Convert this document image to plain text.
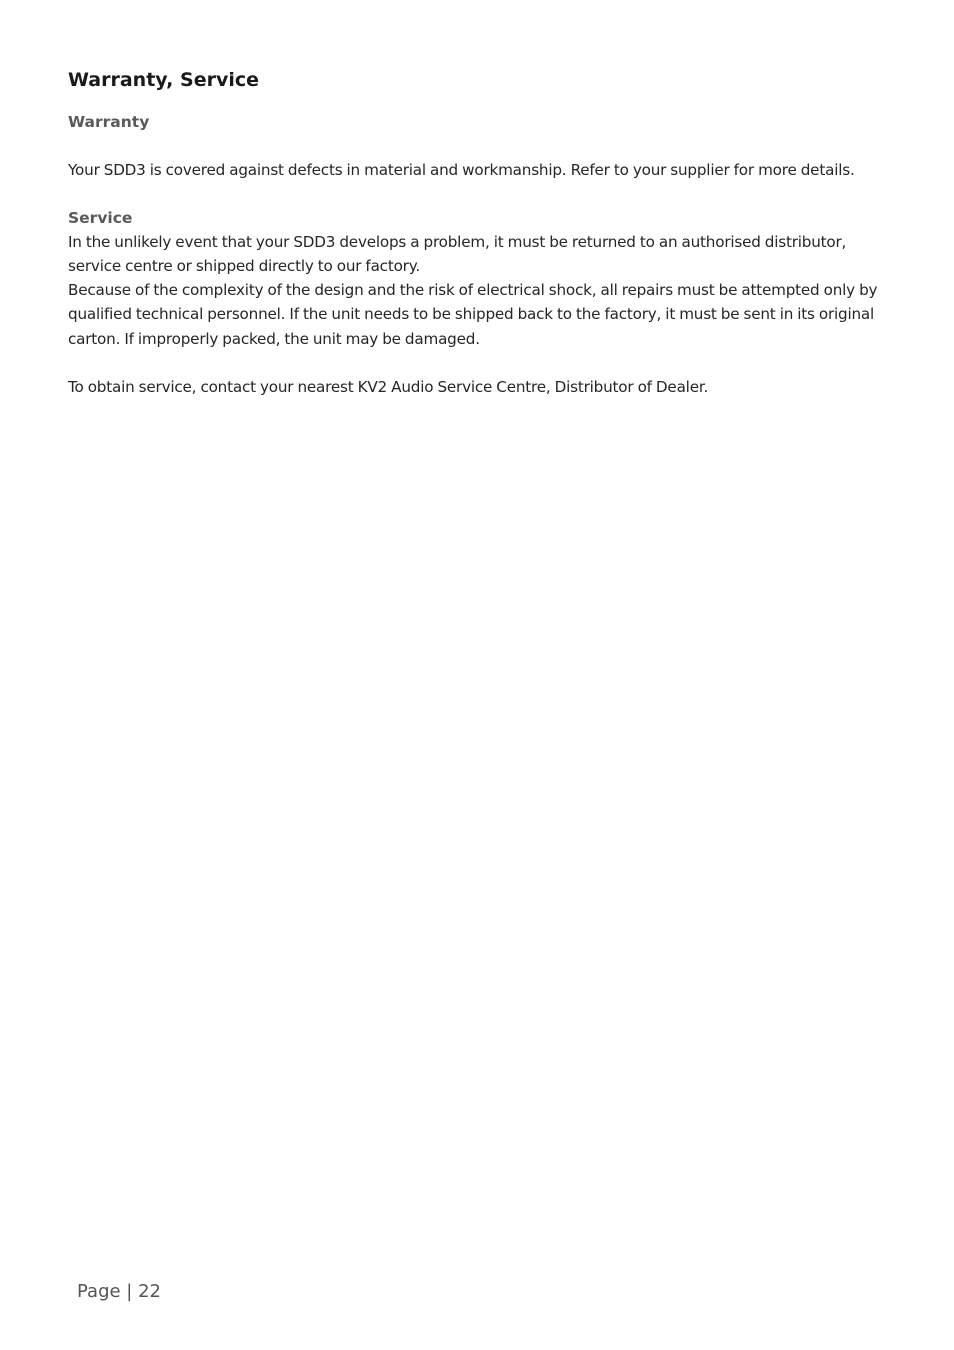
Warranty, Service
Warranty

Your SDD3 is covered against defects in material and workmanship. Refer to your supplier for more details.

Service

In the unlikely event that your SDD3 develops a problem, it must be returned to an authorised distributor,

service centre or shipped directly to our factory.

Because of the complexity of the design and the risk of electrical shock, all repairs must be attempted only by

qualified technical personnel. If the unit needs to be shipped back to the factory, it must be sent in its original

carton. If improperly packed, the unit may be damaged.

To obtain service, contact your nearest KV2 Audio Service Centre, Distributor of Dealer.

Page | 22
